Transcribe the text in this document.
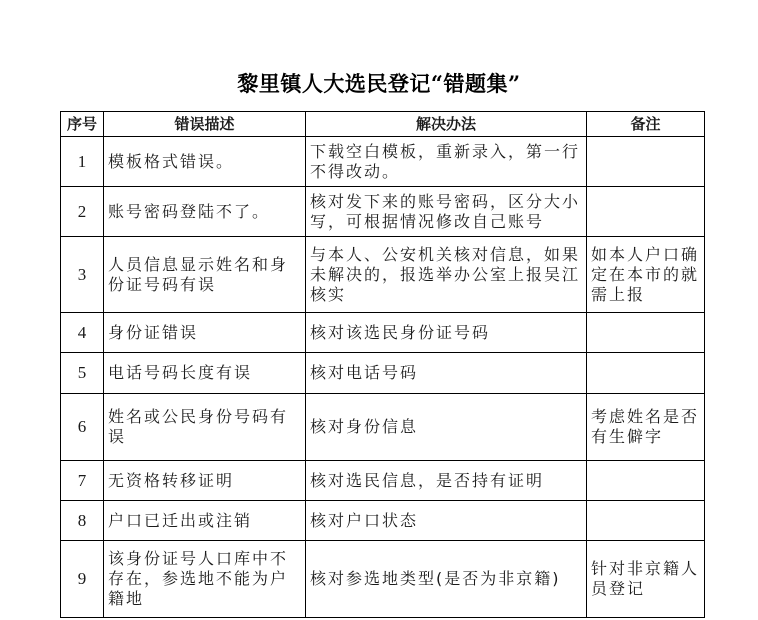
黎里镇人大选民登记“错题集”
序号	错误描述	解决办法	备注
1	模板格式错误。	下载空白模板，重新录入，第一行不得改动。	
2	账号密码登陆不了。	核对发下来的账号密码，区分大小写，可根据情况修改自己账号	
3	人员信息显示姓名和身份证号码有误	与本人、公安机关核对信息，如果未解决的，报选举办公室上报吴江核实	如本人户口确定在本市的就需上报
4	身份证错误	核对该选民身份证号码	
5	电话号码长度有误	核对电话号码	
6	姓名或公民身份号码有误	核对身份信息	考虑姓名是否有生僻字
7	无资格转移证明	核对选民信息，是否持有证明	
8	户口已迁出或注销	核对户口状态	
9	该身份证号人口库中不存在，参选地不能为户籍地	核对参选地类型(是否为非京籍)	针对非京籍人员登记
